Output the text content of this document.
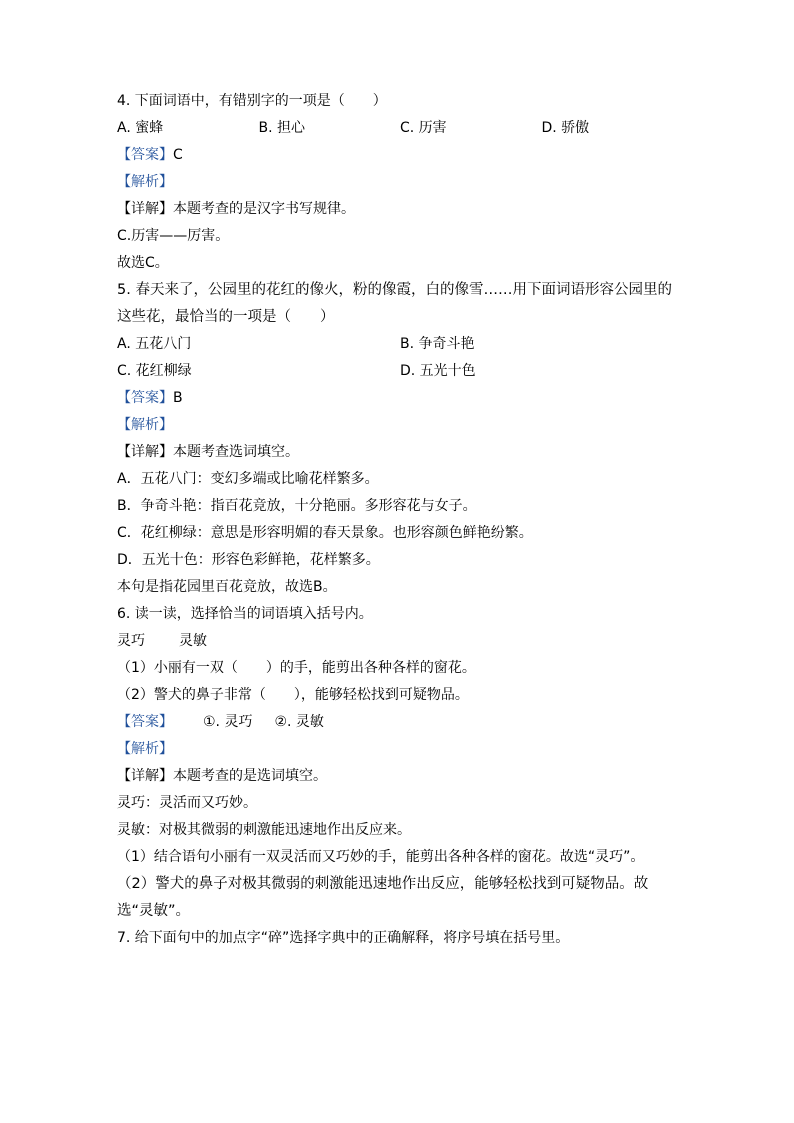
4. 下面词语中，有错别字的一项是（　　）
A. 蜜蜂	B. 担心	C. 历害	D. 骄傲
【答案】C
【解析】
【详解】本题考查的是汉字书写规律。
C.历害——厉害。
故选C。
5. 春天来了，公园里的花红的像火，粉的像霞，白的像雪……用下面词语形容公园里的这些花，最恰当的一项是（　　）
A. 五花八门	B. 争奇斗艳
C. 花红柳绿	D. 五光十色
【答案】B
【解析】
【详解】本题考查选词填空。
A．五花八门：变幻多端或比喻花样繁多。
B．争奇斗艳：指百花竞放，十分艳丽。多形容花与女子。
C．花红柳绿：意思是形容明媚的春天景象。也形容颜色鲜艳纷繁。
D．五光十色：形容色彩鲜艳，花样繁多。
本句是指花园里百花竞放，故选B。
6. 读一读，选择恰当的词语填入括号内。
灵巧 灵敏
（1）小丽有一双（　　）的手，能剪出各种各样的窗花。
（2）警犬的鼻子非常（　　），能够轻松找到可疑物品。
【答案】 ①. 灵巧 ②. 灵敏
【解析】
【详解】本题考查的是选词填空。
灵巧：灵活而又巧妙。
灵敏：对极其微弱的刺激能迅速地作出反应来。
（1）结合语句小丽有一双灵活而又巧妙的手，能剪出各种各样的窗花。故选“灵巧”。
（2）警犬的鼻子对极其微弱的刺激能迅速地作出反应，能够轻松找到可疑物品。故选“灵敏”。
7. 给下面句中的加点字“碎”选择字典中的正确解释，将序号填在括号里。
